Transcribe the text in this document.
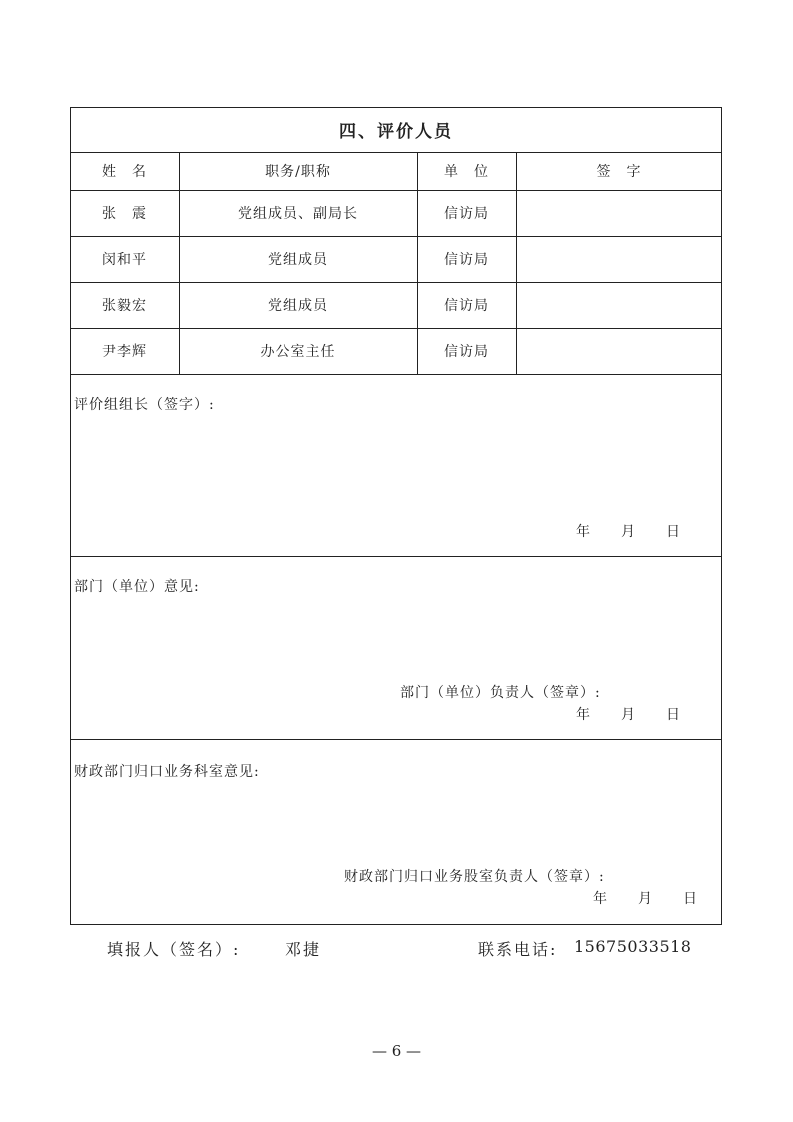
四、评价人员
姓　名	职务/职称	单　位	签　字
张　震	党组成员、副局长	信访局
闵和平	党组成员	信访局
张毅宏	党组成员	信访局
尹李辉	办公室主任	信访局
评价组组长（签字）:
年　　月　　日
部门（单位）意见:
部门（单位）负责人（签章）:
年　　月　　日
财政部门归口业务科室意见:
财政部门归口业务股室负责人（签章）:
年　　月　　日
填报人（签名）:	邓捷	联系电话: 15675033518
— 6 —
